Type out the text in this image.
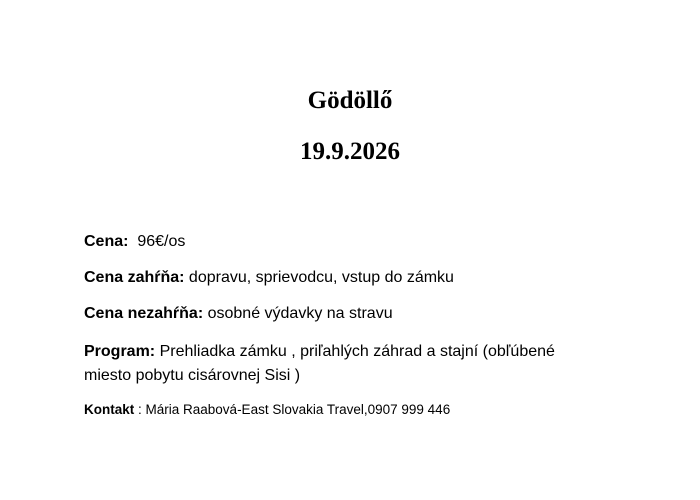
Gödöllő
19.9.2026

Cena: 96€/os

Cena zahŕňa: dopravu, sprievodcu, vstup do zámku

Cena nezahŕňa: osobné výdavky na stravu

Program: Prehliadka zámku , priľahlých záhrad a stajní (obľúbené
miesto pobytu cisárovnej Sisi )

Kontakt : Mária Raabová-East Slovakia Travel,0907 999 446
